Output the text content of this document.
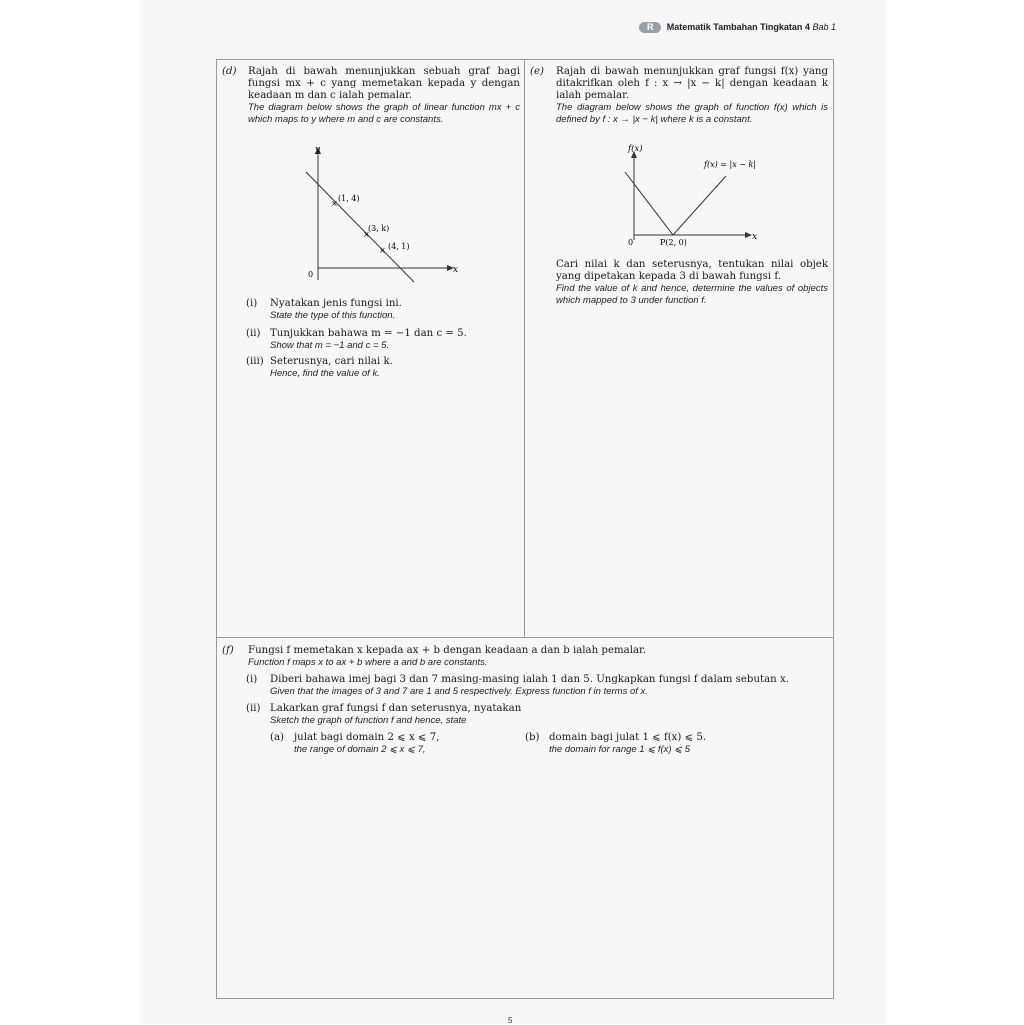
R Matematik Tambahan Tingkatan 4 Bab 1
(d) Rajah di bawah menunjukkan sebuah graf bagi fungsi mx + c yang memetakan kepada y dengan keadaan m dan c ialah pemalar.
The diagram below shows the graph of linear function mx + c which maps to y where m and c are constants.
y
x
0
×
(1, 4)
×
(3, k)
× (4, 1)
(i) Nyatakan jenis fungsi ini.
State the type of this function.
(ii) Tunjukkan bahawa m = −1 dan c = 5.
Show that m = −1 and c = 5.
(iii) Seterusnya, cari nilai k.
Hence, find the value of k.
(e) Rajah di bawah menunjukkan graf fungsi f(x) yang ditakrifkan oleh f : x → |x − k| dengan keadaan k ialah pemalar.
The diagram below shows the graph of function f(x) which is defined by f : x → |x − k| where k is a constant.
f(x)
x
0
f(x) = |x − k|
P(2, 0)
Cari nilai k dan seterusnya, tentukan nilai objek yang dipetakan kepada 3 di bawah fungsi f.
Find the value of k and hence, determine the values of objects which mapped to 3 under function f.
(f) Fungsi f memetakan x kepada ax + b dengan keadaan a dan b ialah pemalar.
Function f maps x to ax + b where a and b are constants.
(i) Diberi bahawa imej bagi 3 dan 7 masing-masing ialah 1 dan 5. Ungkapkan fungsi f dalam sebutan x.
Given that the images of 3 and 7 are 1 and 5 respectively. Express function f in terms of x.
(ii) Lakarkan graf fungsi f dan seterusnya, nyatakan
Sketch the graph of function f and hence, state
(a) julat bagi domain 2 ⩽ x ⩽ 7,
the range of domain 2 ⩽ x ⩽ 7,
(b) domain bagi julat 1 ⩽ f(x) ⩽ 5.
the domain for range 1 ⩽ f(x) ⩽ 5
5
